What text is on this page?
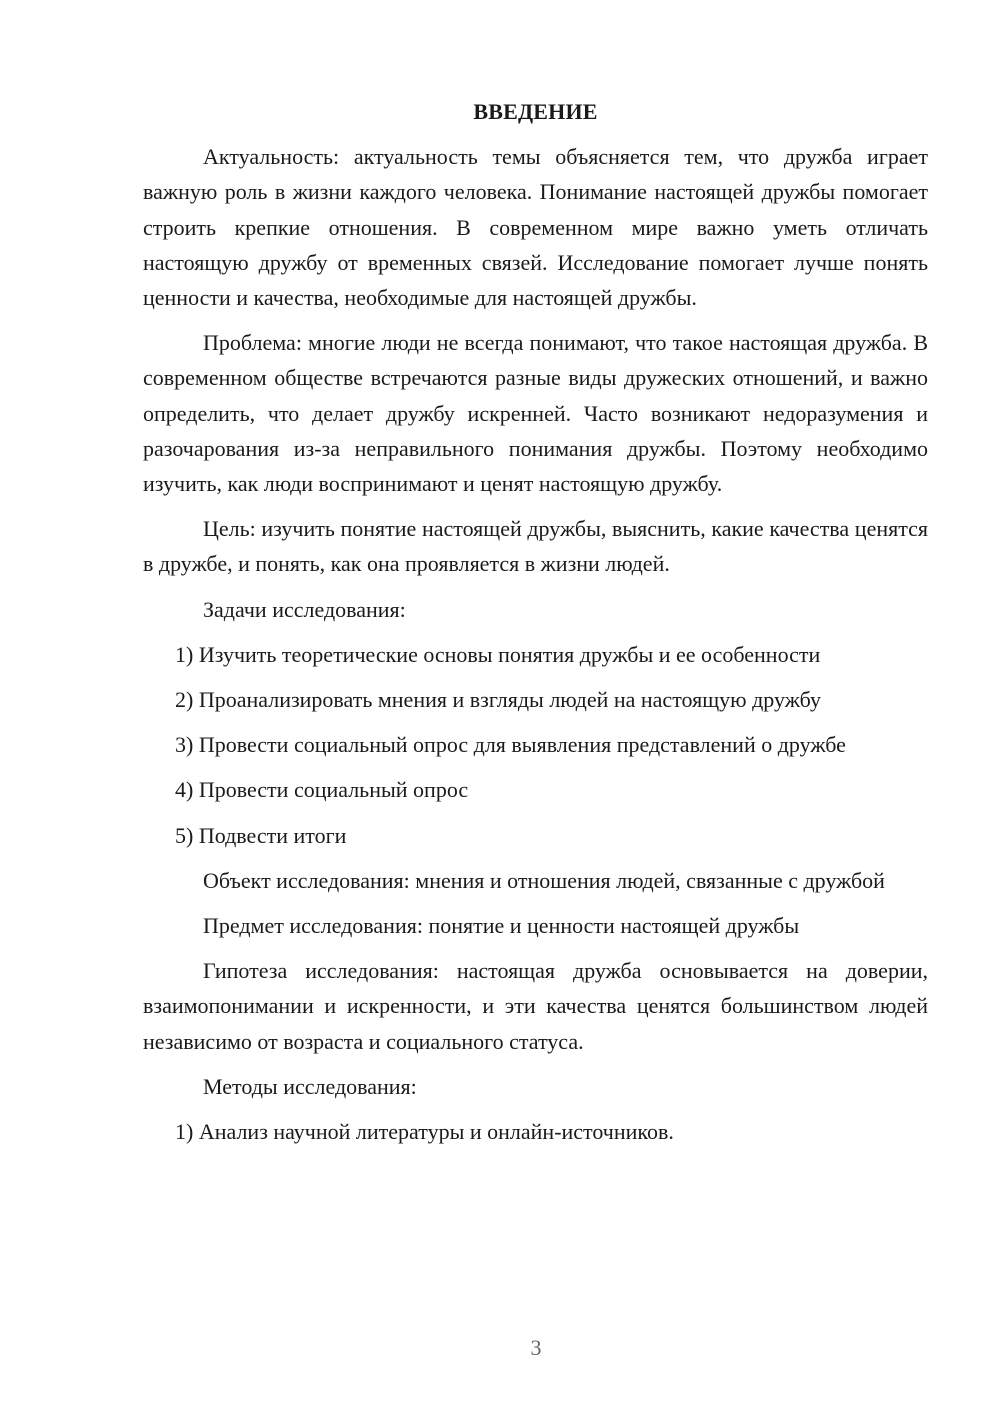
ВВЕДЕНИЕ

Актуальность: актуальность темы объясняется тем, что дружба играет важную роль в жизни каждого человека. Понимание настоящей дружбы помогает строить крепкие отношения. В современном мире важно уметь отличать настоящую дружбу от временных связей. Исследование помогает лучше понять ценности и качества, необходимые для настоящей дружбы.

Проблема: многие люди не всегда понимают, что такое настоящая дружба. В современном обществе встречаются разные виды дружеских отношений, и важно определить, что делает дружбу искренней. Часто возникают недоразумения и разочарования из-за неправильного понимания дружбы. Поэтому необходимо изучить, как люди воспринимают и ценят настоящую дружбу.

Цель: изучить понятие настоящей дружбы, выяснить, какие качества ценятся в дружбе, и понять, как она проявляется в жизни людей.

Задачи исследования:

1) Изучить теоретические основы понятия дружбы и ее особенности

2) Проанализировать мнения и взгляды людей на настоящую дружбу

3) Провести социальный опрос для выявления представлений о дружбе

4) Провести социальный опрос

5) Подвести итоги

Объект исследования: мнения и отношения людей, связанные с дружбой

Предмет исследования: понятие и ценности настоящей дружбы

Гипотеза исследования: настоящая дружба основывается на доверии, взаимопонимании и искренности, и эти качества ценятся большинством людей независимо от возраста и социального статуса.

Методы исследования:

1) Анализ научной литературы и онлайн-источников.

3
